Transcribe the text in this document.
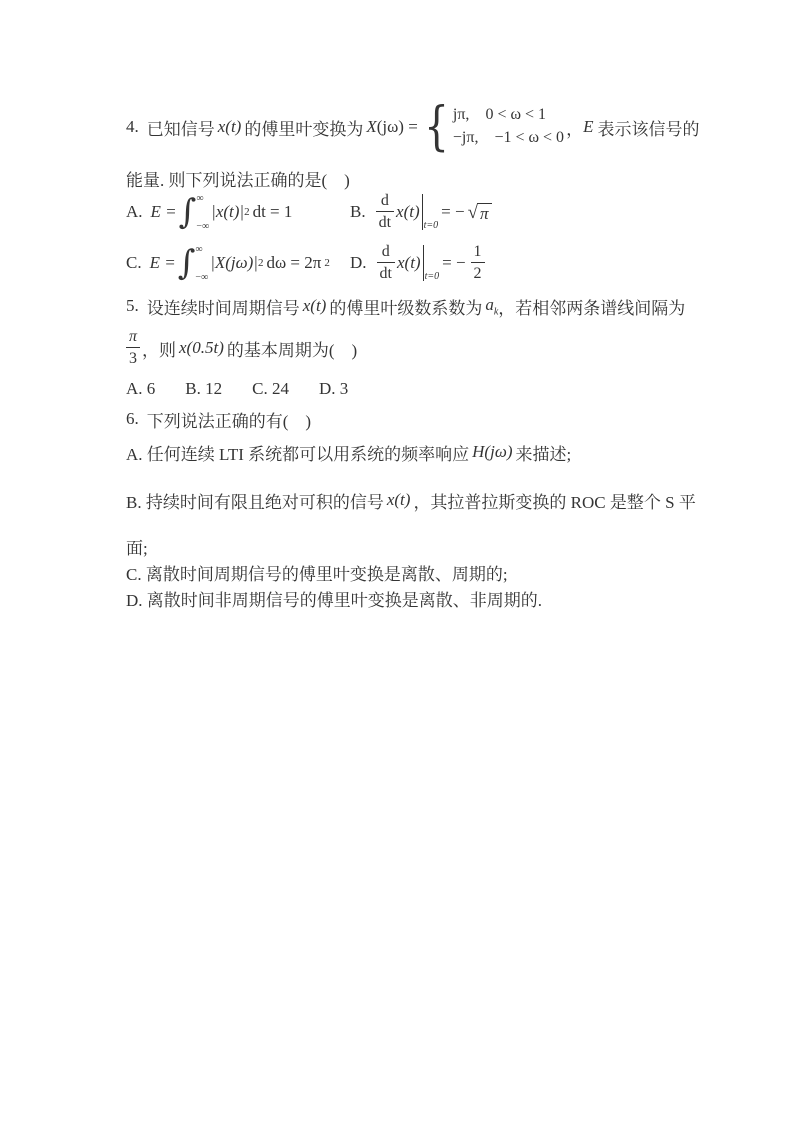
4. 已知信号 x(t) 的傅里叶变换为 X (jω) = { jπ, 0 < ω < 1
−jπ, −1 < ω < 0 ， E 表示该信号的
能量. 则下列说法正确的是(　)
A. E = ∫ ∞
−∞
|x(t)| 2 dt = 1	B. $\frac{d}{dt} x(t)$
$_{t=0}$
= − √ π
C. E = ∫ ∞
−∞
|X(jω)| 2 dω = 2π 2 D. $\frac{d}{dt} x(t)$
$_{t=0}$
= − $\frac{1}{2}$
5. 设连续时间周期信号 x(t) 的傅里叶级数系数为 $a_k$ ，若相邻两条谱线间隔为
$\frac{\pi}{3}$ ，则 x(0.5t) 的基本周期为(　)
A. 6 B. 12 C. 24 D. 3
6. 下列说法正确的有(　)
A. 任何连续 LTI 系统都可以用系统的频率响应 H(jω) 来描述;
B. 持续时间有限且绝对可积的信号 x(t) ，其拉普拉斯变换的 ROC 是整个 S 平
面;
C. 离散时间周期信号的傅里叶变换是离散、周期的;
D. 离散时间非周期信号的傅里叶变换是离散、非周期的.
